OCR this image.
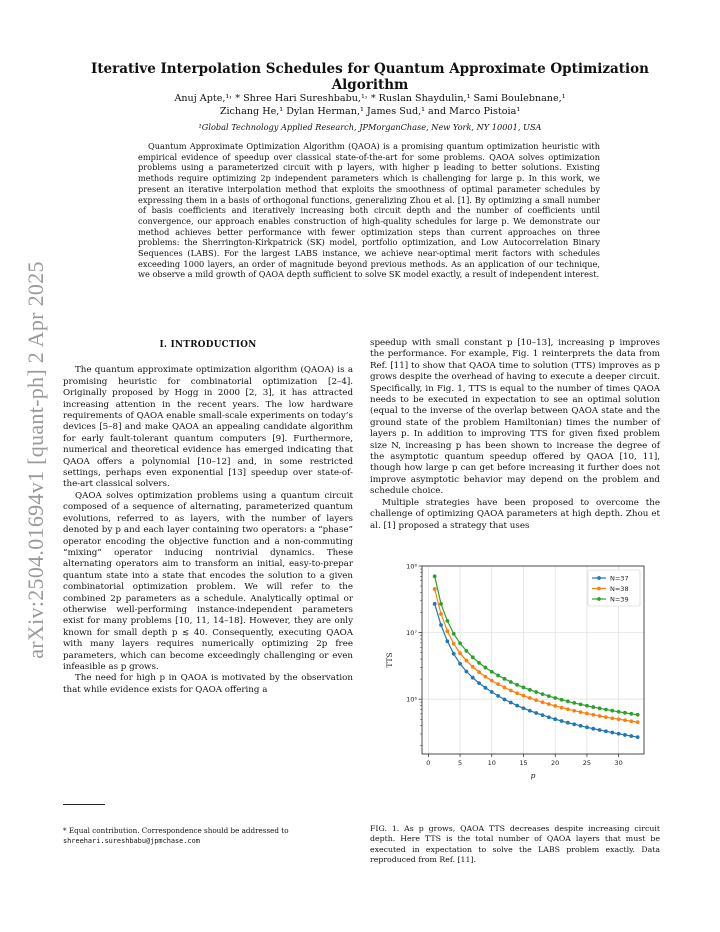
arXiv:2504.01694v1 [quant-ph] 2 Apr 2025
Iterative Interpolation Schedules for Quantum Approximate Optimization Algorithm
Anuj Apte,¹˒ * Shree Hari Sureshbabu,¹˒ * Ruslan Shaydulin,¹ Sami Boulebnane,¹
Zichang He,¹ Dylan Herman,¹ James Sud,¹ and Marco Pistoia¹
¹Global Technology Applied Research, JPMorganChase, New York, NY 10001, USA
Quantum Approximate Optimization Algorithm (QAOA) is a promising quantum optimization heuristic with empirical evidence of speedup over classical state-of-the-art for some problems. QAOA solves optimization problems using a parameterized circuit with p layers, with higher p leading to better solutions. Existing methods require optimizing 2p independent parameters which is challenging for large p. In this work, we present an iterative interpolation method that exploits the smoothness of optimal parameter schedules by expressing them in a basis of orthogonal functions, generalizing Zhou et al. [1]. By optimizing a small number of basis coefficients and iteratively increasing both circuit depth and the number of coefficients until convergence, our approach enables construction of high-quality schedules for large p. We demonstrate our method achieves better performance with fewer optimization steps than current approaches on three problems: the Sherrington-Kirkpatrick (SK) model, portfolio optimization, and Low Autocorrelation Binary Sequences (LABS). For the largest LABS instance, we achieve near-optimal merit factors with schedules exceeding 1000 layers, an order of magnitude beyond previous methods. As an application of our technique, we observe a mild growth of QAOA depth sufficient to solve SK model exactly, a result of independent interest.
I. INTRODUCTION

The quantum approximate optimization algorithm (QAOA) is a promising heuristic for combinatorial optimization [2–4]. Originally proposed by Hogg in 2000 [2, 3], it has attracted increasing attention in the recent years. The low hardware requirements of QAOA enable small-scale experiments on today’s devices [5–8] and make QAOA an appealing candidate algorithm for early fault-tolerant quantum computers [9]. Furthermore, numerical and theoretical evidence has emerged indicating that QAOA offers a polynomial [10–12] and, in some restricted settings, perhaps even exponential [13] speedup over state-of-the-art classical solvers.

QAOA solves optimization problems using a quantum circuit composed of a sequence of alternating, parameterized quantum evolutions, referred to as layers, with the number of layers denoted by p and each layer containing two operators: a “phase” operator encoding the objective function and a non-commuting “mixing” operator inducing nontrivial dynamics. These alternating operators aim to transform an initial, easy-to-prepar quantum state into a state that encodes the solution to a given combinatorial optimization problem. We will refer to the combined 2p parameters as a schedule. Analytically optimal or otherwise well-performing instance-independent parameters exist for many problems [10, 11, 14–18]. However, they are only known for small depth p ≲ 40. Consequently, executing QAOA with many layers requires numerically optimizing 2p free parameters, which can become exceedingly challenging or even infeasible as p grows.

The need for high p in QAOA is motivated by the observation that while evidence exists for QAOA offering a

speedup with small constant p [10–13], increasing p improves the performance. For example, Fig. 1 reinterprets the data from Ref. [11] to show that QAOA time to solution (TTS) improves as p grows despite the overhead of having to execute a deeper circuit. Specifically, in Fig. 1, TTS is equal to the number of times QAOA needs to be executed in expectation to see an optimal solution (equal to the inverse of the overlap between QAOA state and the ground state of the problem Hamiltonian) times the number of layers p. In addition to improving TTS for given fixed problem size N, increasing p has been shown to increase the degree of the asymptotic quantum speedup offered by QAOA [10, 11], though how large p can get before increasing it further does not improve asymptotic behavior may depend on the problem and schedule choice.

Multiple strategies have been proposed to overcome the challenge of optimizing QAOA parameters at high depth. Zhou et al. [1] proposed a strategy that uses

0	5	10	15	20	25	30
10⁶
10⁷
10⁸
p
TTS
N=37
N=38
N=39
FIG. 1. As p grows, QAOA TTS decreases despite increasing circuit depth. Here TTS is the total number of QAOA layers that must be executed in expectation to solve the LABS problem exactly. Data reproduced from Ref. [11].
* Equal contribution. Correspondence should be addressed to
shreehari.sureshbabu@jpmchase.com
